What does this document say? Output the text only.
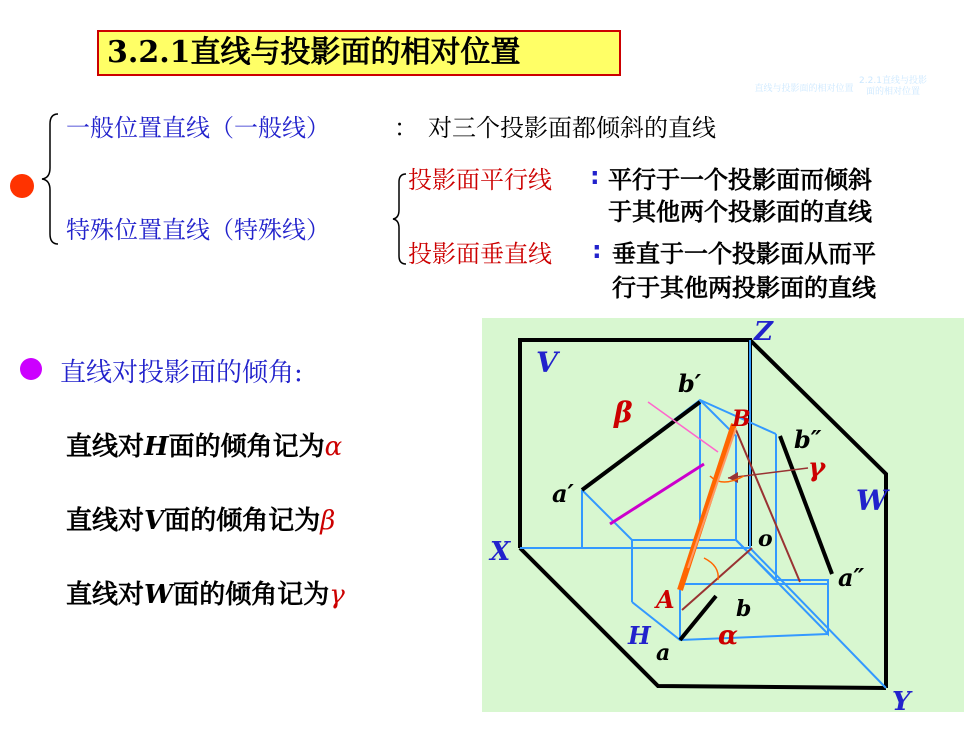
3.2.1直线与投影面的相对位置
直线与投影面的相对位置
2.2.1直线与投影面的相对位置
一般位置直线（一般线）	： 对三个投影面都倾斜的直线
特殊位置直线（特殊线）
投影面平行线 : 平行于一个投影面而倾斜
于其他两个投影面的直线
投影面垂直线 : 垂直于一个投影面从而平
行于其他两投影面的直线
直线对投影面的倾角:
直线对H面的倾角记为α
直线对V面的倾角记为β
直线对W面的倾角记为γ
Z
V
W
X
H
Y
o
b′
b″
a′
a″
B
A
a
b
α
β
γ
